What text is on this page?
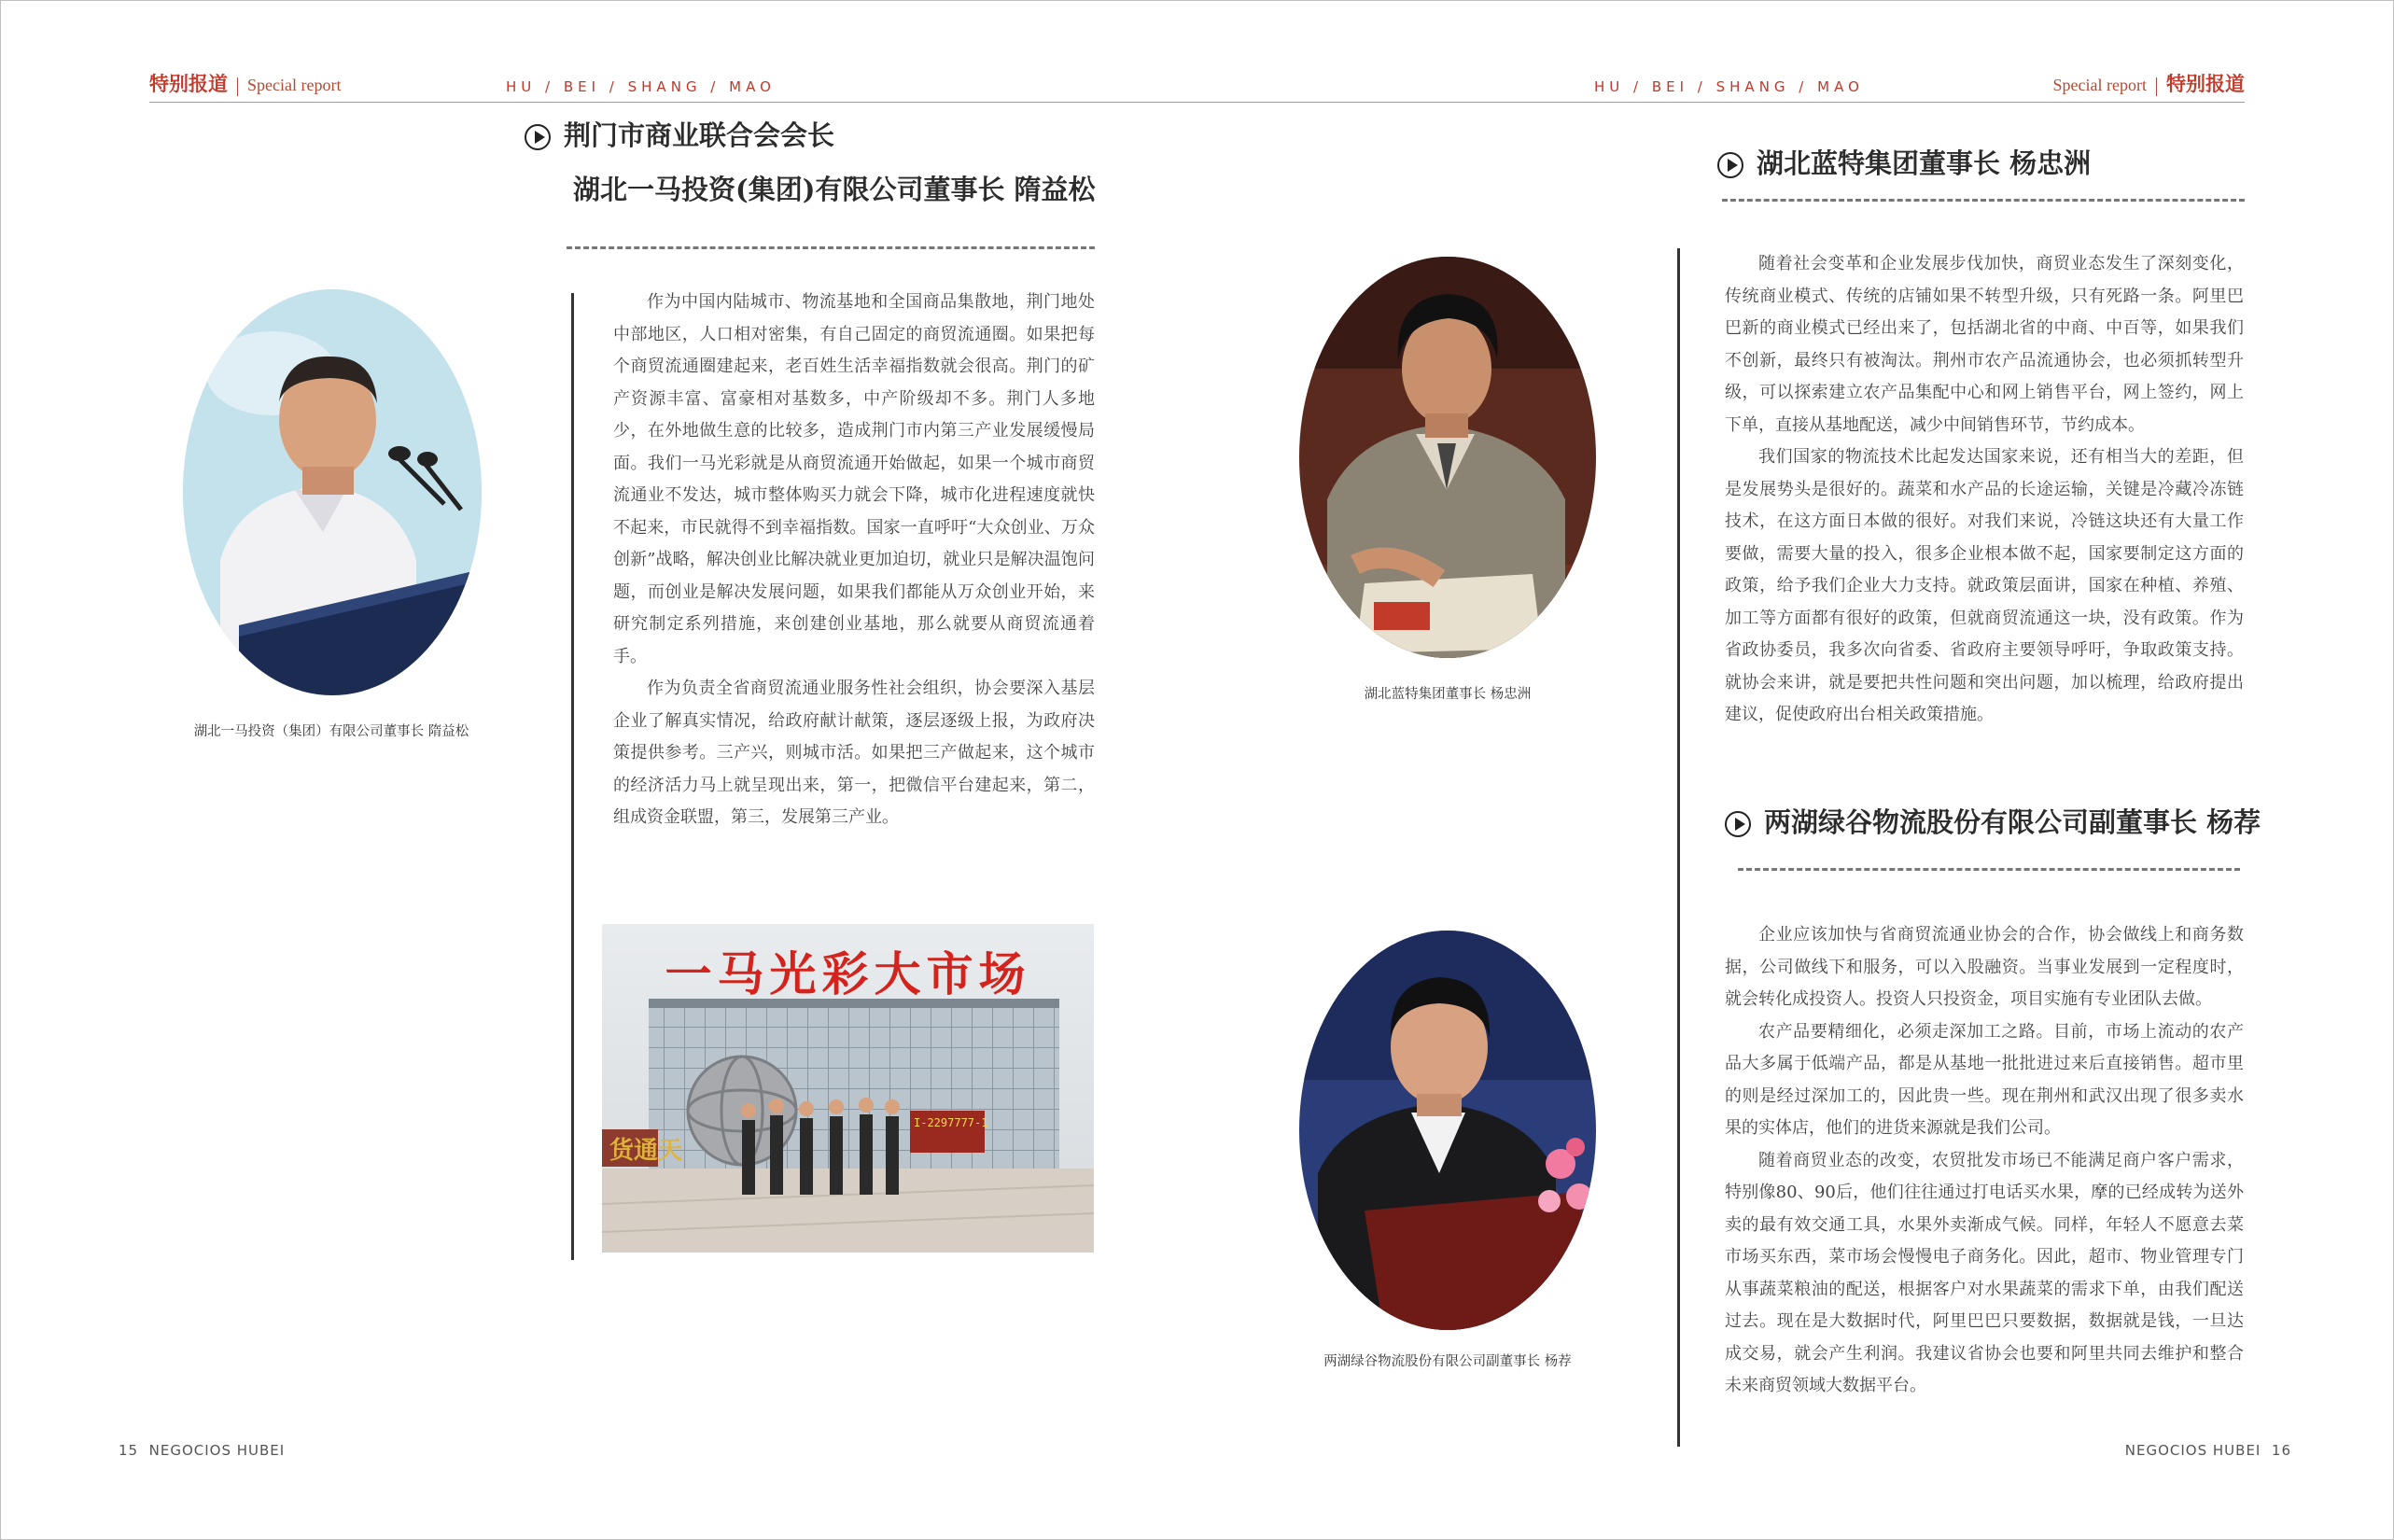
特别报道 Special report	HU / BEI / SHANG / MAO	HU / BEI / SHANG / MAO	Special report 特别报道
荆门市商业联合会会长
湖北一马投资(集团)有限公司董事长 隋益松
湖北一马投资（集团）有限公司董事长 隋益松

作为中国内陆城市、物流基地和全国商品集散地，荆门地处中部地区，人口相对密集，有自己固定的商贸流通圈。如果把每个商贸流通圈建起来，老百姓生活幸福指数就会很高。荆门的矿产资源丰富、富豪相对基数多，中产阶级却不多。荆门人多地少，在外地做生意的比较多，造成荆门市内第三产业发展缓慢局面。我们一马光彩就是从商贸流通开始做起，如果一个城市商贸流通业不发达，城市整体购买力就会下降，城市化进程速度就快不起来，市民就得不到幸福指数。国家一直呼吁“大众创业、万众创新”战略，解决创业比解决就业更加迫切，就业只是解决温饱问题，而创业是解决发展问题，如果我们都能从万众创业开始，来研究制定系列措施，来创建创业基地，那么就要从商贸流通着手。

作为负责全省商贸流通业服务性社会组织，协会要深入基层企业了解真实情况，给政府献计献策，逐层逐级上报，为政府决策提供参考。三产兴，则城市活。如果把三产做起来，这个城市的经济活力马上就呈现出来，第一，把微信平台建起来，第二，组成资金联盟，第三，发展第三产业。

一马光彩大市场
I-2297777-1
货通天
湖北蓝特集团董事长 杨忠洲
湖北蓝特集团董事长 杨忠洲

随着社会变革和企业发展步伐加快，商贸业态发生了深刻变化，传统商业模式、传统的店铺如果不转型升级，只有死路一条。阿里巴巴新的商业模式已经出来了，包括湖北省的中商、中百等，如果我们不创新，最终只有被淘汰。荆州市农产品流通协会，也必须抓转型升级，可以探索建立农产品集配中心和网上销售平台，网上签约，网上下单，直接从基地配送，减少中间销售环节，节约成本。

我们国家的物流技术比起发达国家来说，还有相当大的差距，但是发展势头是很好的。蔬菜和水产品的长途运输，关键是冷藏冷冻链技术，在这方面日本做的很好。对我们来说，冷链这块还有大量工作要做，需要大量的投入，很多企业根本做不起，国家要制定这方面的政策，给予我们企业大力支持。就政策层面讲，国家在种植、养殖、加工等方面都有很好的政策，但就商贸流通这一块，没有政策。作为省政协委员，我多次向省委、省政府主要领导呼吁，争取政策支持。就协会来讲，就是要把共性问题和突出问题，加以梳理，给政府提出建议，促使政府出台相关政策措施。

两湖绿谷物流股份有限公司副董事长 杨荐
两湖绿谷物流股份有限公司副董事长 杨荐

企业应该加快与省商贸流通业协会的合作，协会做线上和商务数据，公司做线下和服务，可以入股融资。当事业发展到一定程度时，就会转化成投资人。投资人只投资金，项目实施有专业团队去做。

农产品要精细化，必须走深加工之路。目前，市场上流动的农产品大多属于低端产品，都是从基地一批批进过来后直接销售。超市里的则是经过深加工的，因此贵一些。现在荆州和武汉出现了很多卖水果的实体店，他们的进货来源就是我们公司。

随着商贸业态的改变，农贸批发市场已不能满足商户客户需求，特别像80、90后，他们往往通过打电话买水果，摩的已经成转为送外卖的最有效交通工具，水果外卖渐成气候。同样，年轻人不愿意去菜市场买东西，菜市场会慢慢电子商务化。因此，超市、物业管理专门从事蔬菜粮油的配送，根据客户对水果蔬菜的需求下单，由我们配送过去。现在是大数据时代，阿里巴巴只要数据，数据就是钱，一旦达成交易，就会产生利润。我建议省协会也要和阿里共同去维护和整合未来商贸领域大数据平台。

15 NEGOCIOS HUBEI	NEGOCIOS HUBEI 16
